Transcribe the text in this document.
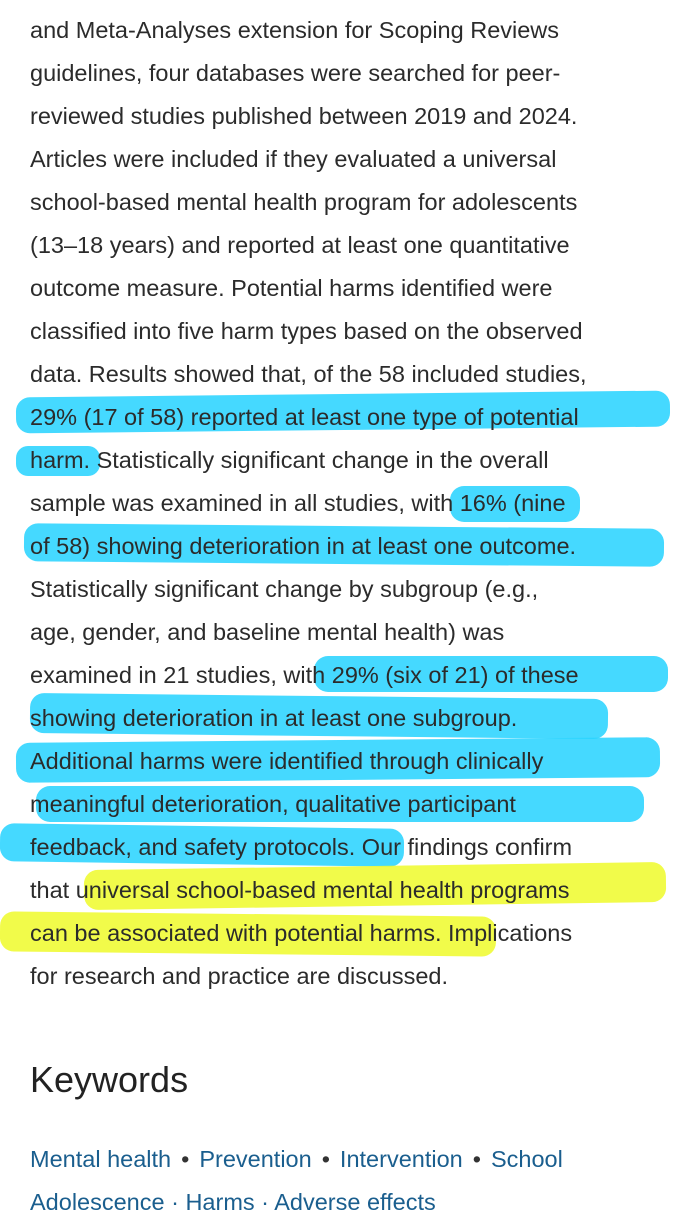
and Meta-Analyses extension for Scoping Reviews
guidelines, four databases were searched for peer-
reviewed studies published between 2019 and 2024.
Articles were included if they evaluated a universal
school-based mental health program for adolescents
(13–18 years) and reported at least one quantitative
outcome measure. Potential harms identified were
classified into five harm types based on the observed
data. Results showed that, of the 58 included studies,
29% (17 of 58) reported at least one type of potential
harm. Statistically significant change in the overall
sample was examined in all studies, with 16% (nine
of 58) showing deterioration in at least one outcome.
Statistically significant change by subgroup (e.g.,
age, gender, and baseline mental health) was
examined in 21 studies, with 29% (six of 21) of these
showing deterioration in at least one subgroup.
Additional harms were identified through clinically
meaningful deterioration, qualitative participant
feedback, and safety protocols. Our findings confirm
that universal school-based mental health programs
can be associated with potential harms. Implications
for research and practice are discussed.
Keywords
Mental health • Prevention • Intervention • School
Adolescence · Harms · Adverse effects
